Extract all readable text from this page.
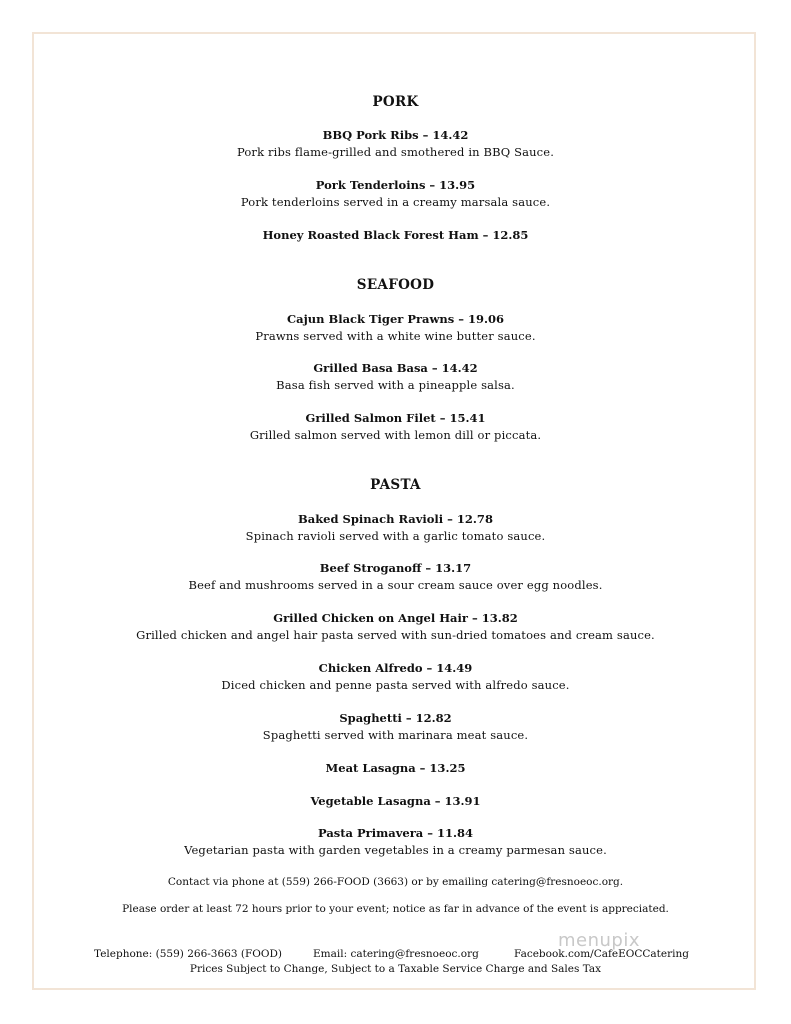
PORK
BBQ Pork Ribs – 14.42
Pork ribs flame-grilled and smothered in BBQ Sauce.
Pork Tenderloins – 13.95
Pork tenderloins served in a creamy marsala sauce.
Honey Roasted Black Forest Ham – 12.85
SEAFOOD
Cajun Black Tiger Prawns – 19.06
Prawns served with a white wine butter sauce.
Grilled Basa Basa – 14.42
Basa fish served with a pineapple salsa.
Grilled Salmon Filet – 15.41
Grilled salmon served with lemon dill or piccata.
PASTA
Baked Spinach Ravioli – 12.78
Spinach ravioli served with a garlic tomato sauce.
Beef Stroganoff – 13.17
Beef and mushrooms served in a sour cream sauce over egg noodles.
Grilled Chicken on Angel Hair – 13.82
Grilled chicken and angel hair pasta served with sun-dried tomatoes and cream sauce.
Chicken Alfredo – 14.49
Diced chicken and penne pasta served with alfredo sauce.
Spaghetti – 12.82
Spaghetti served with marinara meat sauce.
Meat Lasagna – 13.25
Vegetable Lasagna – 13.91
Pasta Primavera – 11.84
Vegetarian pasta with garden vegetables in a creamy parmesan sauce.
Contact via phone at (559) 266-FOOD (3663) or by emailing catering@fresnoeoc.org.
Please order at least 72 hours prior to your event; notice as far in advance of the event is appreciated.
menupix
Telephone: (559) 266-3663 (FOOD)	Email: catering@fresnoeoc.org	Facebook.com/CafeEOCCatering
Prices Subject to Change, Subject to a Taxable Service Charge and Sales Tax
